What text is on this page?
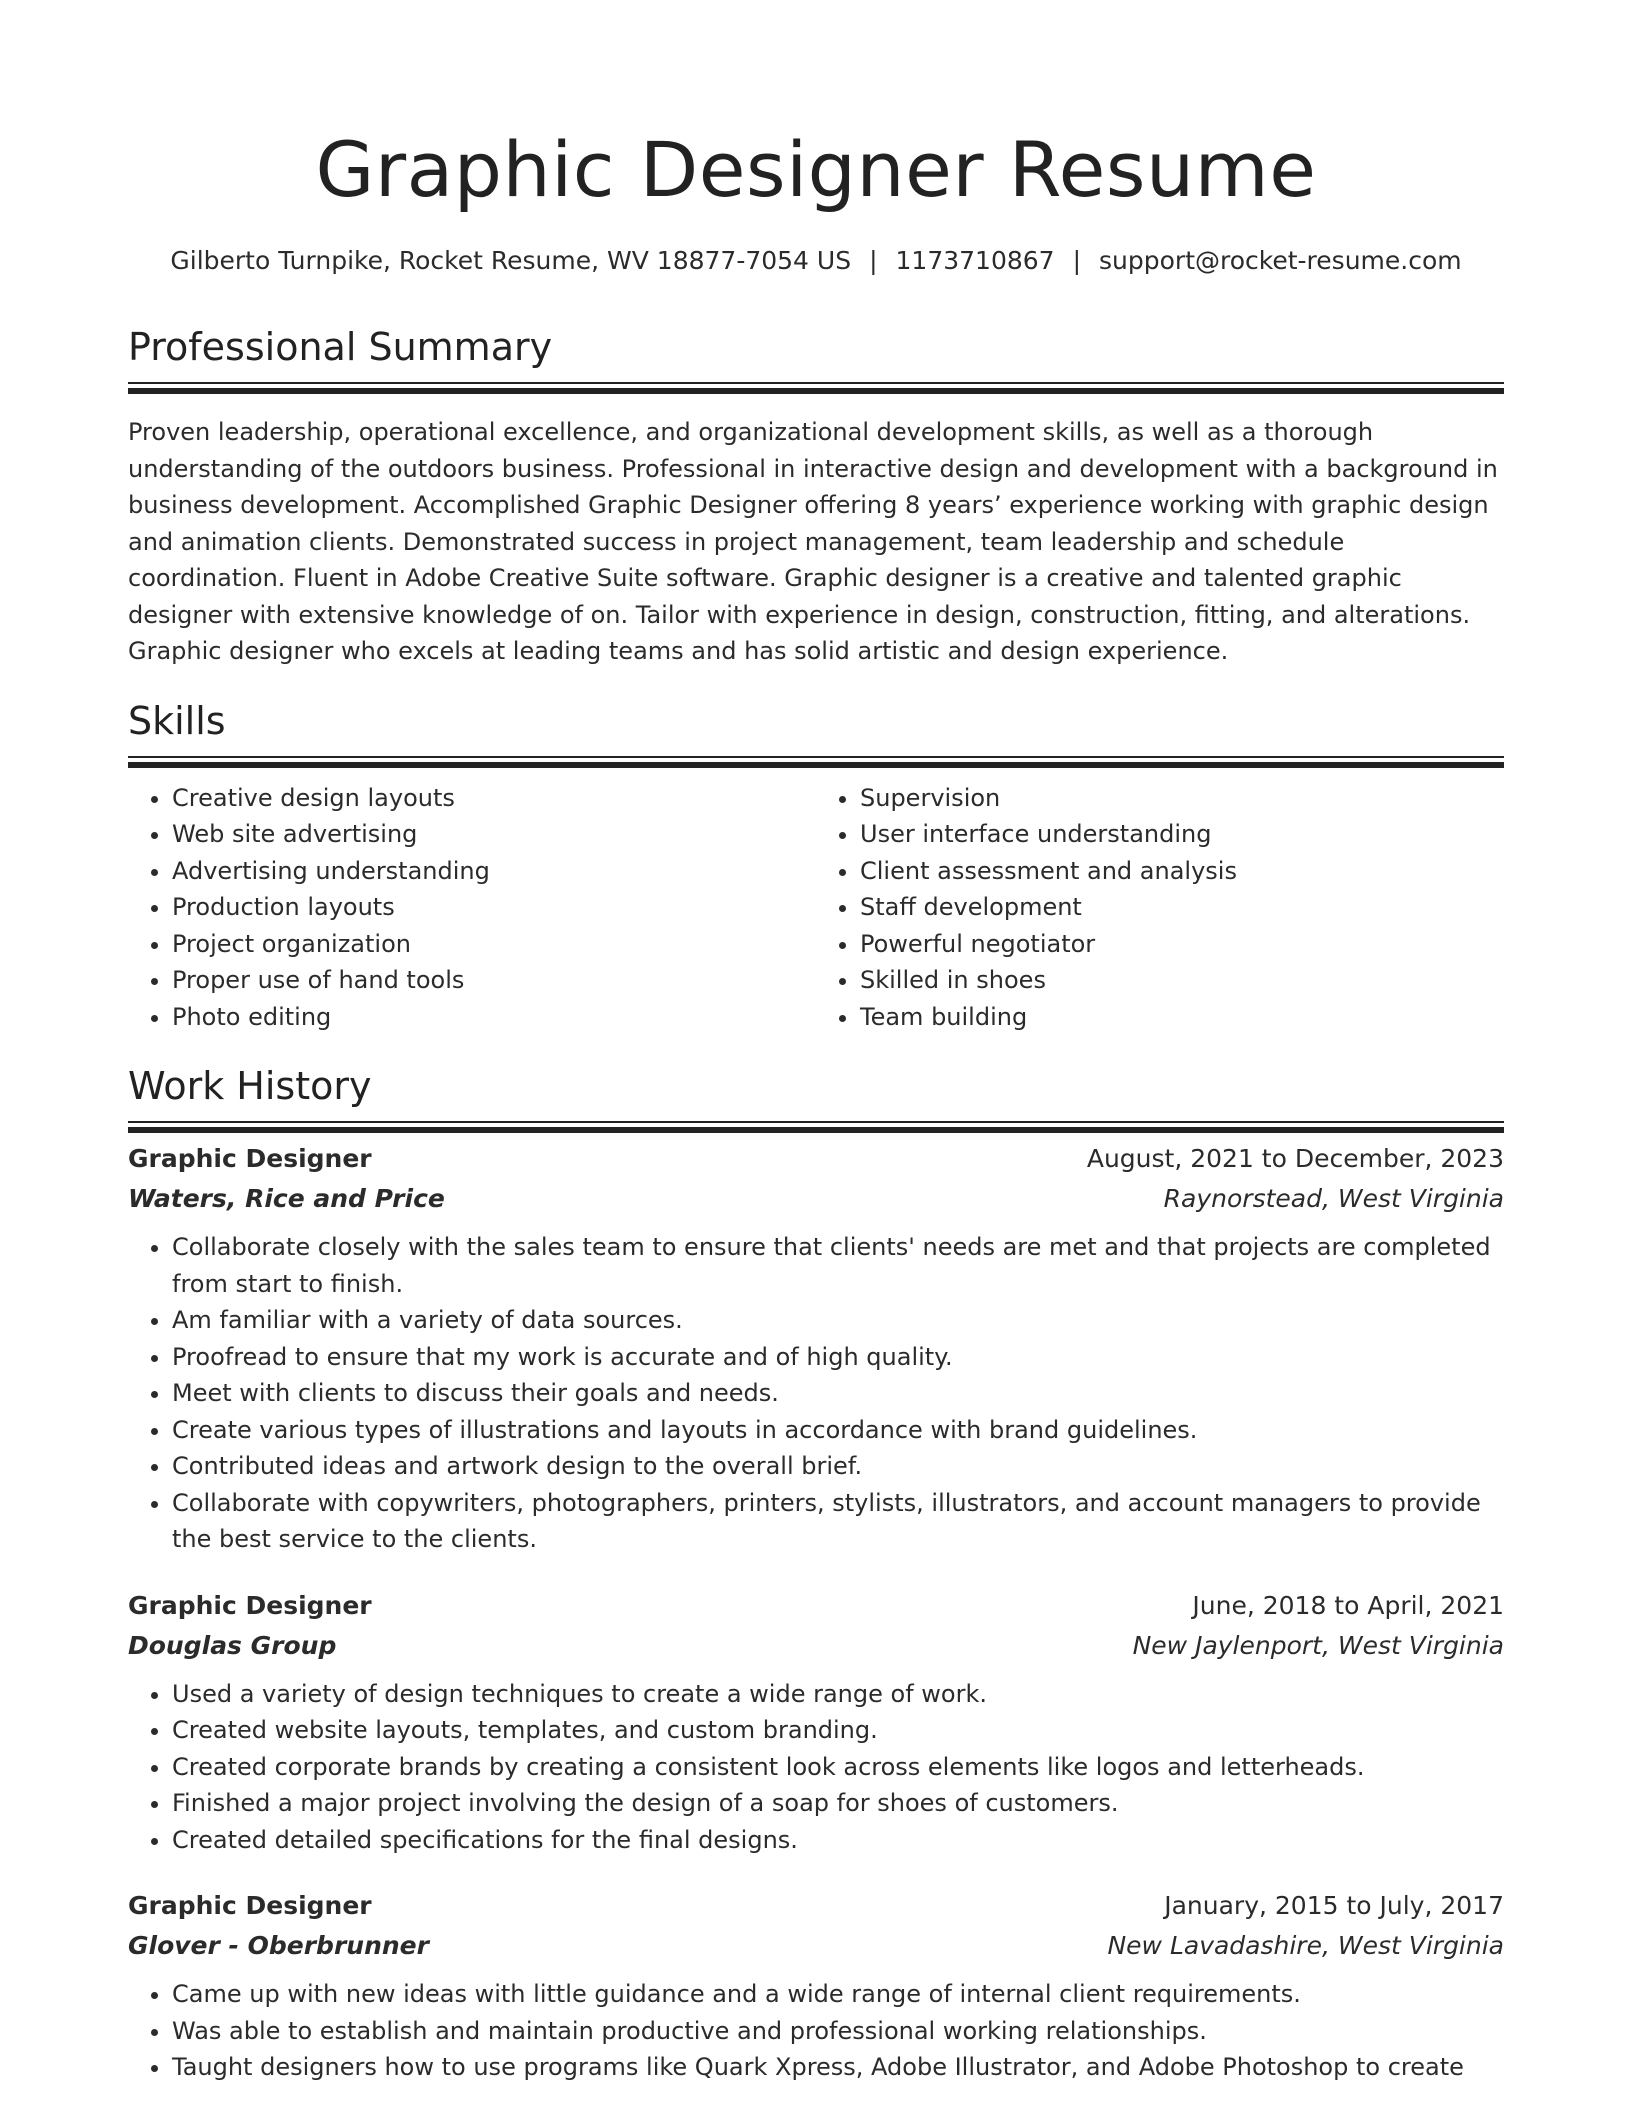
Graphic Designer Resume
Gilberto Turnpike, Rocket Resume, WV 18877-7054 US | 1173710867 | support@rocket-resume.com
Professional Summary

Proven leadership, operational excellence, and organizational development skills, as well as a thorough understanding of the outdoors business. Professional in interactive design and development with a background in business development. Accomplished Graphic Designer offering 8 years’ experience working with graphic design and animation clients. Demonstrated success in project management, team leadership and schedule coordination. Fluent in Adobe Creative Suite software. Graphic designer is a creative and talented graphic designer with extensive knowledge of on. Tailor with experience in design, construction, fitting, and alterations. Graphic designer who excels at leading teams and has solid artistic and design experience.

Skills
• Creative design layouts
• Web site advertising
• Advertising understanding
• Production layouts
• Project organization
• Proper use of hand tools
• Photo editing
• Supervision
• User interface understanding
• Client assessment and analysis
• Staff development
• Powerful negotiator
• Skilled in shoes
• Team building
Work History
Graphic Designer	August, 2021 to December, 2023
Waters, Rice and Price	Raynorstead, West Virginia
• Collaborate closely with the sales team to ensure that clients' needs are met and that projects are completed from start to finish.
• Am familiar with a variety of data sources.
• Proofread to ensure that my work is accurate and of high quality.
• Meet with clients to discuss their goals and needs.
• Create various types of illustrations and layouts in accordance with brand guidelines.
• Contributed ideas and artwork design to the overall brief.
• Collaborate with copywriters, photographers, printers, stylists, illustrators, and account managers to provide the best service to the clients.
Graphic Designer	June, 2018 to April, 2021
Douglas Group	New Jaylenport, West Virginia
• Used a variety of design techniques to create a wide range of work.
• Created website layouts, templates, and custom branding.
• Created corporate brands by creating a consistent look across elements like logos and letterheads.
• Finished a major project involving the design of a soap for shoes of customers.
• Created detailed specifications for the final designs.
Graphic Designer	January, 2015 to July, 2017
Glover - Oberbrunner	New Lavadashire, West Virginia
• Came up with new ideas with little guidance and a wide range of internal client requirements.
• Was able to establish and maintain productive and professional working relationships.
• Taught designers how to use programs like Quark Xpress, Adobe Illustrator, and Adobe Photoshop to create
